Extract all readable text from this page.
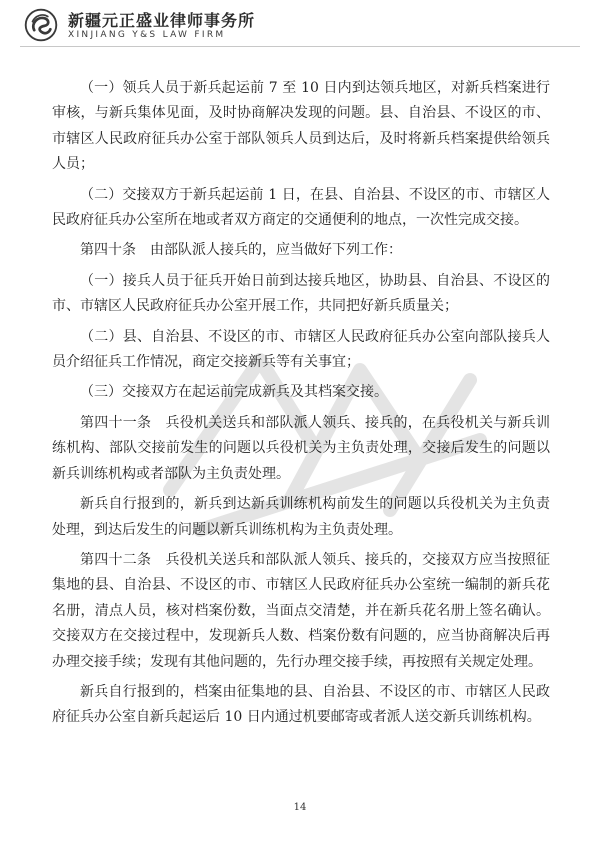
新疆元正盛业律师事务所
XINJIANG Y&S LAW FIRM

（一）领兵人员于新兵起运前 7 至 10 日内到达领兵地区，对新兵档案进行审核，与新兵集体见面，及时协商解决发现的问题。县、自治县、不设区的市、市辖区人民政府征兵办公室于部队领兵人员到达后，及时将新兵档案提供给领兵人员；

（二）交接双方于新兵起运前 1 日，在县、自治县、不设区的市、市辖区人民政府征兵办公室所在地或者双方商定的交通便利的地点，一次性完成交接。

第四十条　由部队派人接兵的，应当做好下列工作：

（一）接兵人员于征兵开始日前到达接兵地区，协助县、自治县、不设区的市、市辖区人民政府征兵办公室开展工作，共同把好新兵质量关；

（二）县、自治县、不设区的市、市辖区人民政府征兵办公室向部队接兵人员介绍征兵工作情况，商定交接新兵等有关事宜；

（三）交接双方在起运前完成新兵及其档案交接。

第四十一条　兵役机关送兵和部队派人领兵、接兵的，在兵役机关与新兵训练机构、部队交接前发生的问题以兵役机关为主负责处理，交接后发生的问题以新兵训练机构或者部队为主负责处理。

新兵自行报到的，新兵到达新兵训练机构前发生的问题以兵役机关为主负责处理，到达后发生的问题以新兵训练机构为主负责处理。

第四十二条　兵役机关送兵和部队派人领兵、接兵的，交接双方应当按照征集地的县、自治县、不设区的市、市辖区人民政府征兵办公室统一编制的新兵花名册，清点人员，核对档案份数，当面点交清楚，并在新兵花名册上签名确认。交接双方在交接过程中，发现新兵人数、档案份数有问题的，应当协商解决后再办理交接手续；发现有其他问题的，先行办理交接手续，再按照有关规定处理。

新兵自行报到的，档案由征集地的县、自治县、不设区的市、市辖区人民政府征兵办公室自新兵起运后 10 日内通过机要邮寄或者派人送交新兵训练机构。

14
